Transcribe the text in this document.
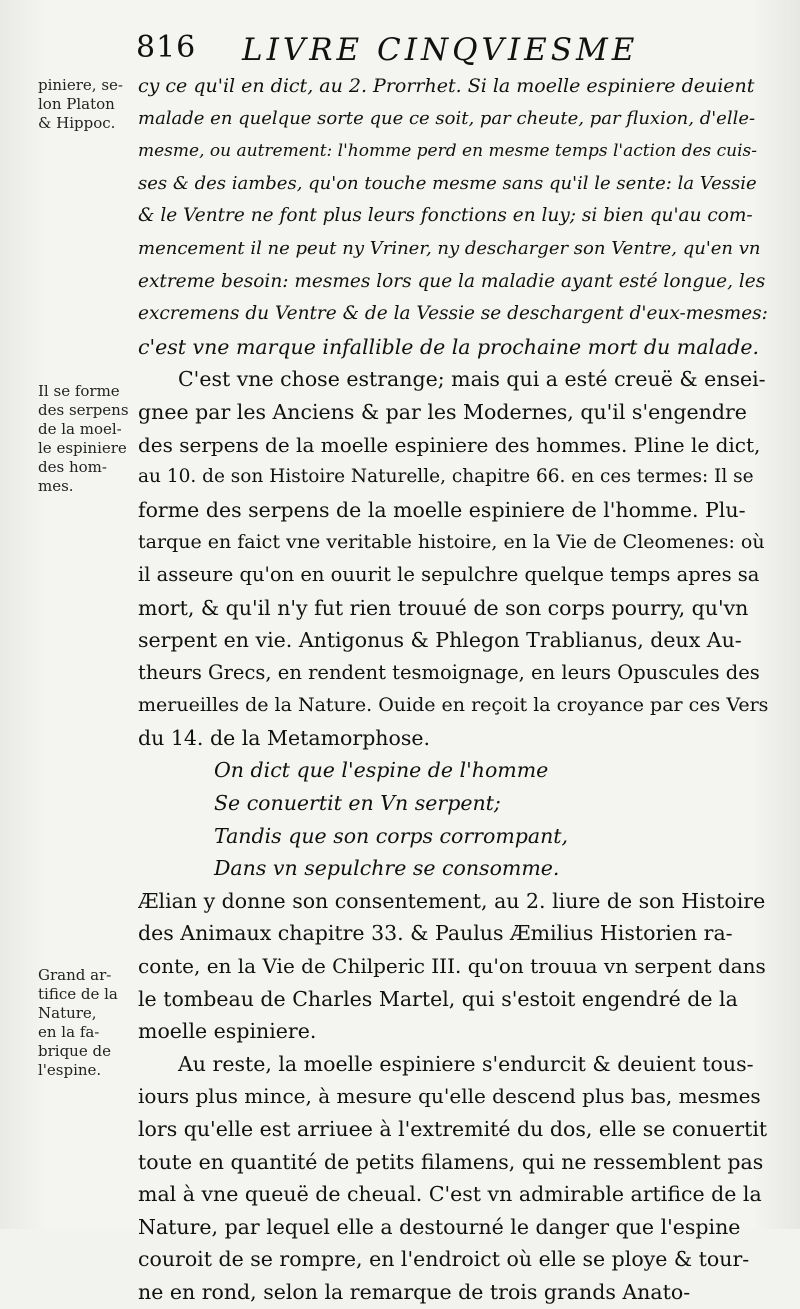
816 LIVRE CINQVIESME
piniere, se-
lon Platon
& Hippoc.
Il se forme
des serpens
de la moel-
le espiniere
des hom-
mes.
Grand ar-
tifice de la
Nature,
en la fa-
brique de
l'espine.
cy ce qu'il en dict, au 2. Prorrhet. Si la moelle espiniere deuient
malade en quelque sorte que ce soit, par cheute, par fluxion, d'elle-
mesme, ou autrement: l'homme perd en mesme temps l'action des cuis-
ses & des iambes, qu'on touche mesme sans qu'il le sente: la Vessie
& le Ventre ne font plus leurs fonctions en luy; si bien qu'au com-
mencement il ne peut ny Vriner, ny descharger son Ventre, qu'en vn
extreme besoin: mesmes lors que la maladie ayant esté longue, les
excremens du Ventre & de la Vessie se deschargent d'eux-mesmes:
c'est vne marque infallible de la prochaine mort du malade.
C'est vne chose estrange; mais qui a esté creuë & ensei-
gnee par les Anciens & par les Modernes, qu'il s'engendre
des serpens de la moelle espiniere des hommes. Pline le dict,
au 10. de son Histoire Naturelle, chapitre 66. en ces termes: Il se
forme des serpens de la moelle espiniere de l'homme. Plu-
tarque en faict vne veritable histoire, en la Vie de Cleomenes: où
il asseure qu'on en ouurit le sepulchre quelque temps apres sa
mort, & qu'il n'y fut rien trouué de son corps pourry, qu'vn
serpent en vie. Antigonus & Phlegon Trablianus, deux Au-
theurs Grecs, en rendent tesmoignage, en leurs Opuscules des
merueilles de la Nature. Ouide en reçoit la croyance par ces Vers
du 14. de la Metamorphose.
On dict que l'espine de l'homme
Se conuertit en Vn serpent;
Tandis que son corps corrompant,
Dans vn sepulchre se consomme.
Ælian y donne son consentement, au 2. liure de son Histoire
des Animaux chapitre 33. & Paulus Æmilius Historien ra-
conte, en la Vie de Chilperic III. qu'on trouua vn serpent dans
le tombeau de Charles Martel, qui s'estoit engendré de la
moelle espiniere.
Au reste, la moelle espiniere s'endurcit & deuient tous-
iours plus mince, à mesure qu'elle descend plus bas, mesmes
lors qu'elle est arriuee à l'extremité du dos, elle se conuertit
toute en quantité de petits filamens, qui ne ressemblent pas
mal à vne queuë de cheual. C'est vn admirable artifice de la
Nature, par lequel elle a destourné le danger que l'espine
couroit de se rompre, en l'endroict où elle se ploye & tour-
ne en rond, selon la remarque de trois grands Anato-
